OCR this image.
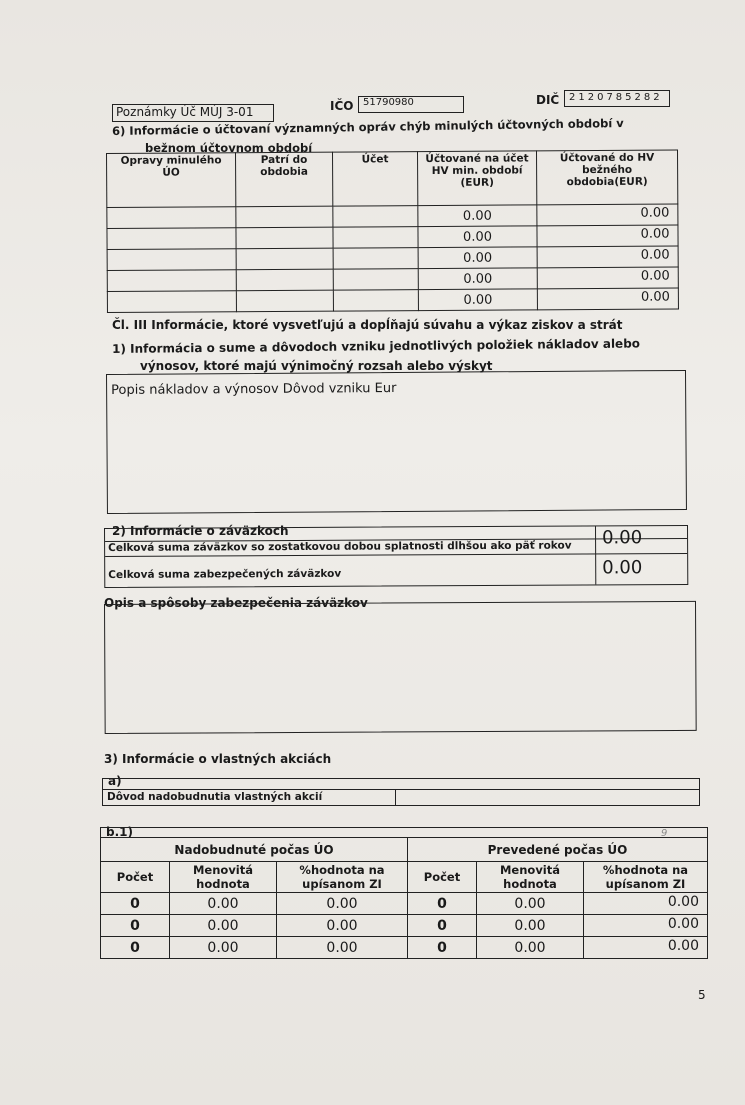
Poznámky Úč MÚJ 3-01	IČO 51790980	DIČ 2120785282
6) Informácie o účtovaní významných opráv chýb minulých účtovných období v
bežnom účtovnom období
Opravy minulého ÚO	Patrí do obdobia	Účet	Účtované na účet HV min. období (EUR)	Účtované do HV bežného obdobia(EUR)
			0.00	0.00
			0.00	0.00
			0.00	0.00
			0.00	0.00
			0.00	0.00
Čl. III Informácie, ktoré vysvetľujú a dopĺňajú súvahu a výkaz ziskov a strát
1) Informácia o sume a dôvodoch vzniku jednotlivých položiek nákladov alebo
výnosov, ktoré majú výnimočný rozsah alebo výskyt
Popis nákladov a výnosov Dôvod vzniku Eur
2) Informácie o záväzkoch
Celková suma záväzkov so zostatkovou dobou splatnosti dlhšou ako päť rokov 0.00
Celková suma zabezpečených záväzkov	0.00
Opis a spôsoby zabezpečenia záväzkov
3) Informácie o vlastných akciách
a)
Dôvod nadobudnutia vlastných akcií
b.1)

Nadobudnuté počas ÚO			Prevedené počas ÚO		
Počet	Menovitá hodnota	%hodnota na upísanom ZI	Počet	Menovitá hodnota	%hodnota na upísanom ZI
0	0.00	0.00	0	0.00	0.00
0	0.00	0.00	0	0.00	0.00
0	0.00	0.00	0	0.00	0.00
9
5
